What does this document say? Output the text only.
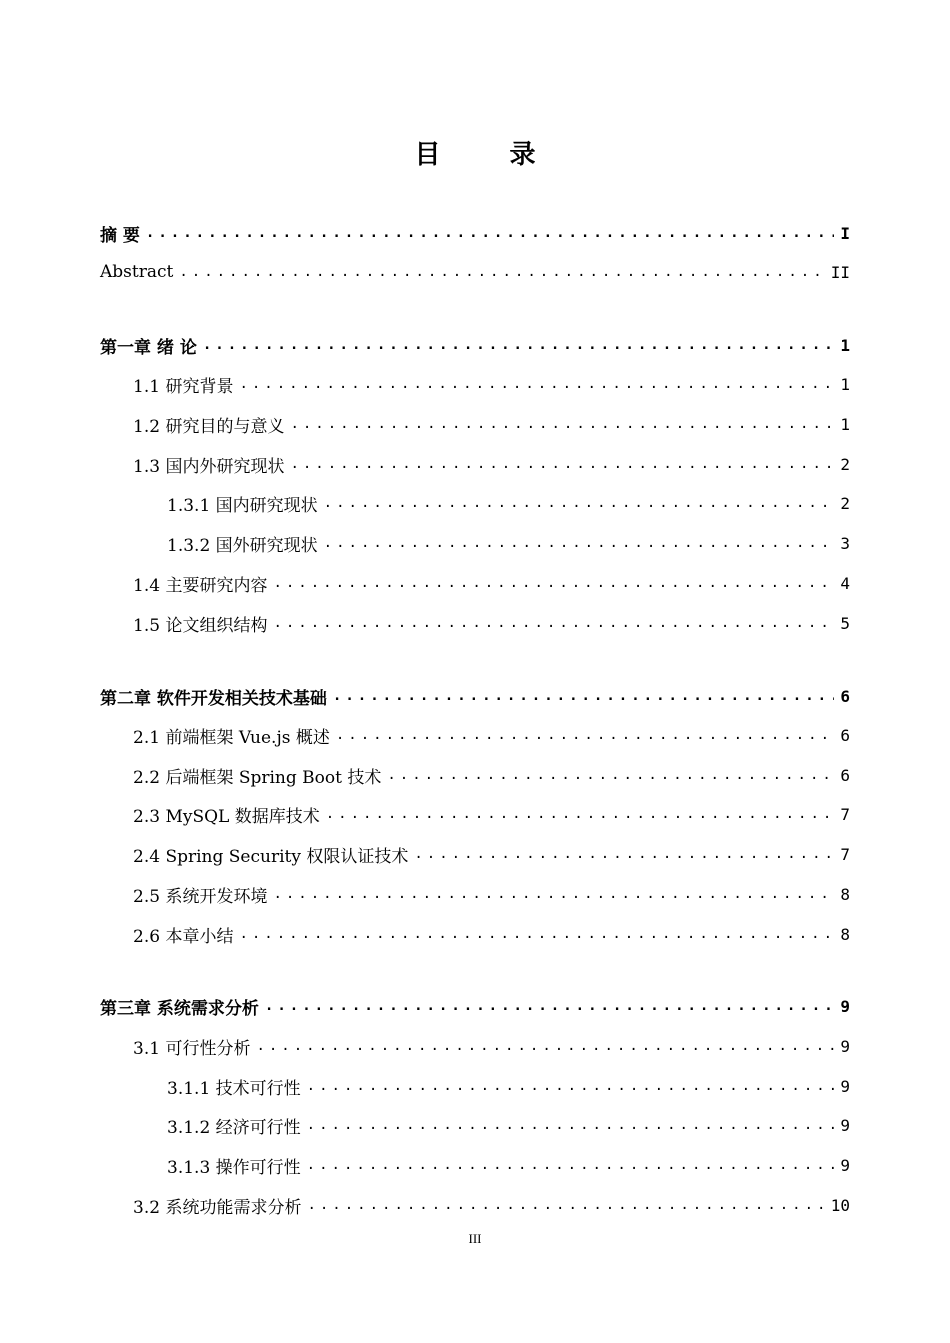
目 录
摘 要 .....	I
Abstract .....	II
第一章 绪 论 .....	1
1.1 研究背景 .....	1
1.2 研究目的与意义 .....	1
1.3 国内外研究现状 .....	2
1.3.1 国内研究现状 .....	2
1.3.2 国外研究现状 .....	3
1.4 主要研究内容 .....	4
1.5 论文组织结构 .....	5
第二章 软件开发相关技术基础 .....	6
2.1 前端框架 Vue.js 概述 .....	6
2.2 后端框架 Spring Boot 技术 .....	6
2.3 MySQL 数据库技术 .....	7
2.4 Spring Security 权限认证技术 .....	7
2.5 系统开发环境 .....	8
2.6 本章小结 .....	8
第三章 系统需求分析 .....	9
3.1 可行性分析 .....	9
3.1.1 技术可行性 .....	9
3.1.2 经济可行性 .....	9
3.1.3 操作可行性 .....	9
3.2 系统功能需求分析 .....	10
III
